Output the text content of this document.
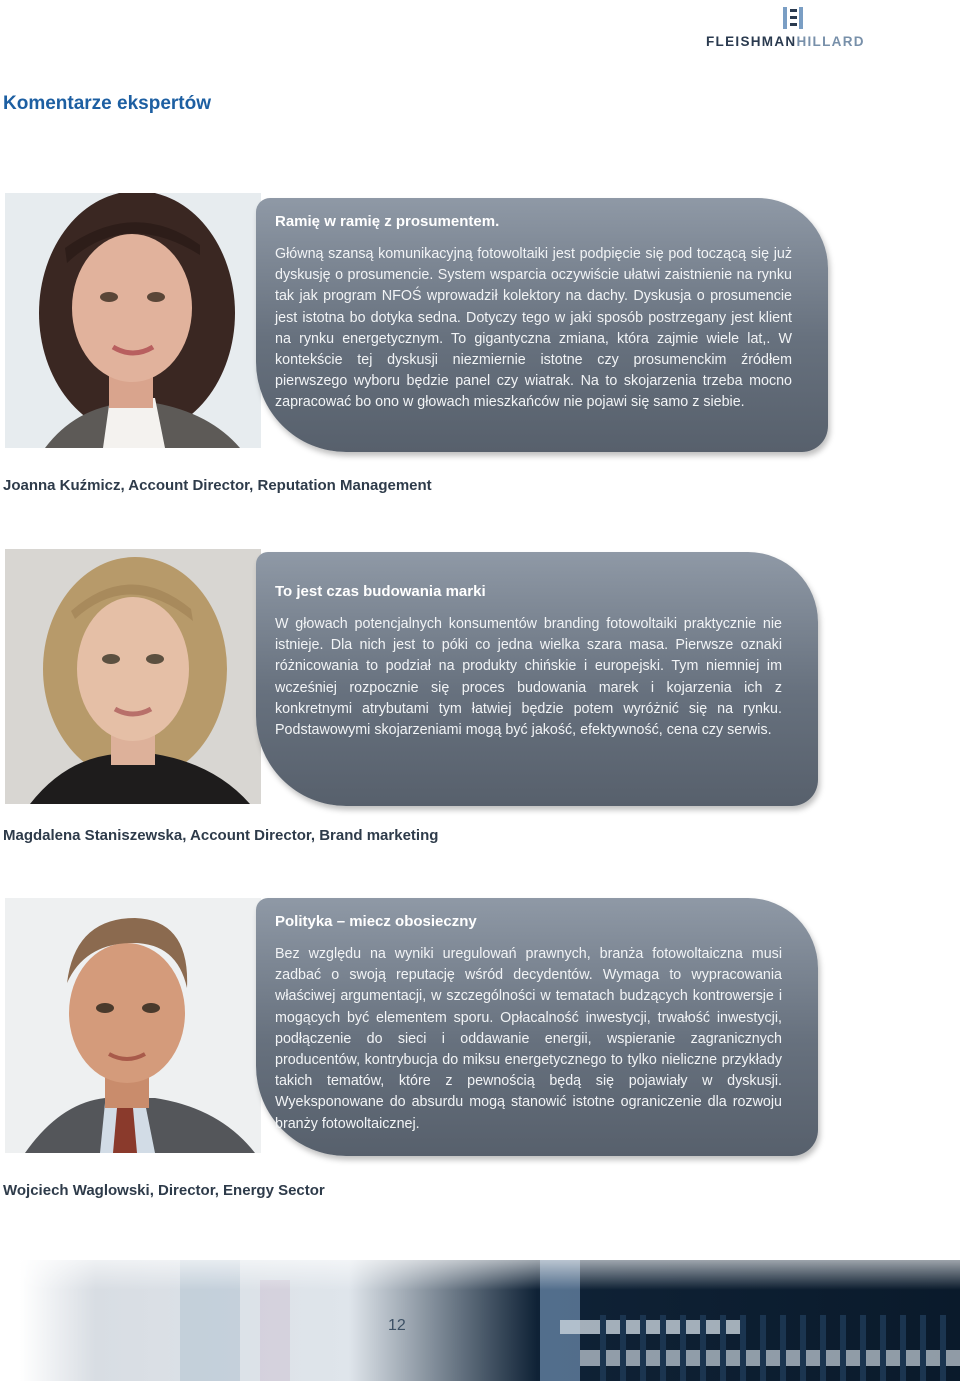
FLEISHMANHILLARD
Komentarze ekspertów

Ramię w ramię z prosumentem.

Główną szansą komunikacyjną fotowoltaiki jest podpięcie się pod toczącą się już dyskusję o prosumencie. System wsparcia oczywiście ułatwi zaistnienie na rynku tak jak program NFOŚ wprowadził kolektory na dachy. Dyskusja o prosumencie jest istotna bo dotyka sedna. Dotyczy tego w jaki sposób postrzegany jest klient na rynku energetycznym. To gigantyczna zmiana, która zajmie wiele lat,. W kontekście tej dyskusji niezmiernie istotne czy prosumenckim źródłem pierwszego wyboru będzie panel czy wiatrak. Na to skojarzenia trzeba mocno zapracować bo ono w głowach mieszkańców nie pojawi się samo z siebie.

Joanna Kuźmicz, Account Director, Reputation Management

To jest czas budowania marki

W głowach potencjalnych konsumentów branding fotowoltaiki praktycznie nie istnieje. Dla nich jest to póki co jedna wielka szara masa. Pierwsze oznaki różnicowania to podział na produkty chińskie i europejski. Tym niemniej im wcześniej rozpocznie się proces budowania marek i kojarzenia ich z konkretnymi atrybutami tym łatwiej będzie potem wyróżnić się na rynku. Podstawowymi skojarzeniami mogą być jakość, efektywność, cena czy serwis.

Magdalena Staniszewska, Account Director, Brand marketing

Polityka – miecz obosieczny

Bez względu na wyniki uregulowań prawnych, branża fotowoltaiczna musi zadbać o swoją reputację wśród decydentów. Wymaga to wypracowania właściwej argumentacji, w szczególności w tematach budzących kontrowersje i mogących być elementem sporu. Opłacalność inwestycji, trwałość inwestycji, podłączenie do sieci i oddawanie energii, wspieranie zagranicznych producentów, kontrybucja do miksu energetycznego to tylko nieliczne przykłady takich tematów, które z pewnością będą się pojawiały w dyskusji. Wyeksponowane do absurdu mogą stanowić istotne ograniczenie dla rozwoju branży fotowoltaicznej.

Wojciech Waglowski, Director, Energy Sector
12
